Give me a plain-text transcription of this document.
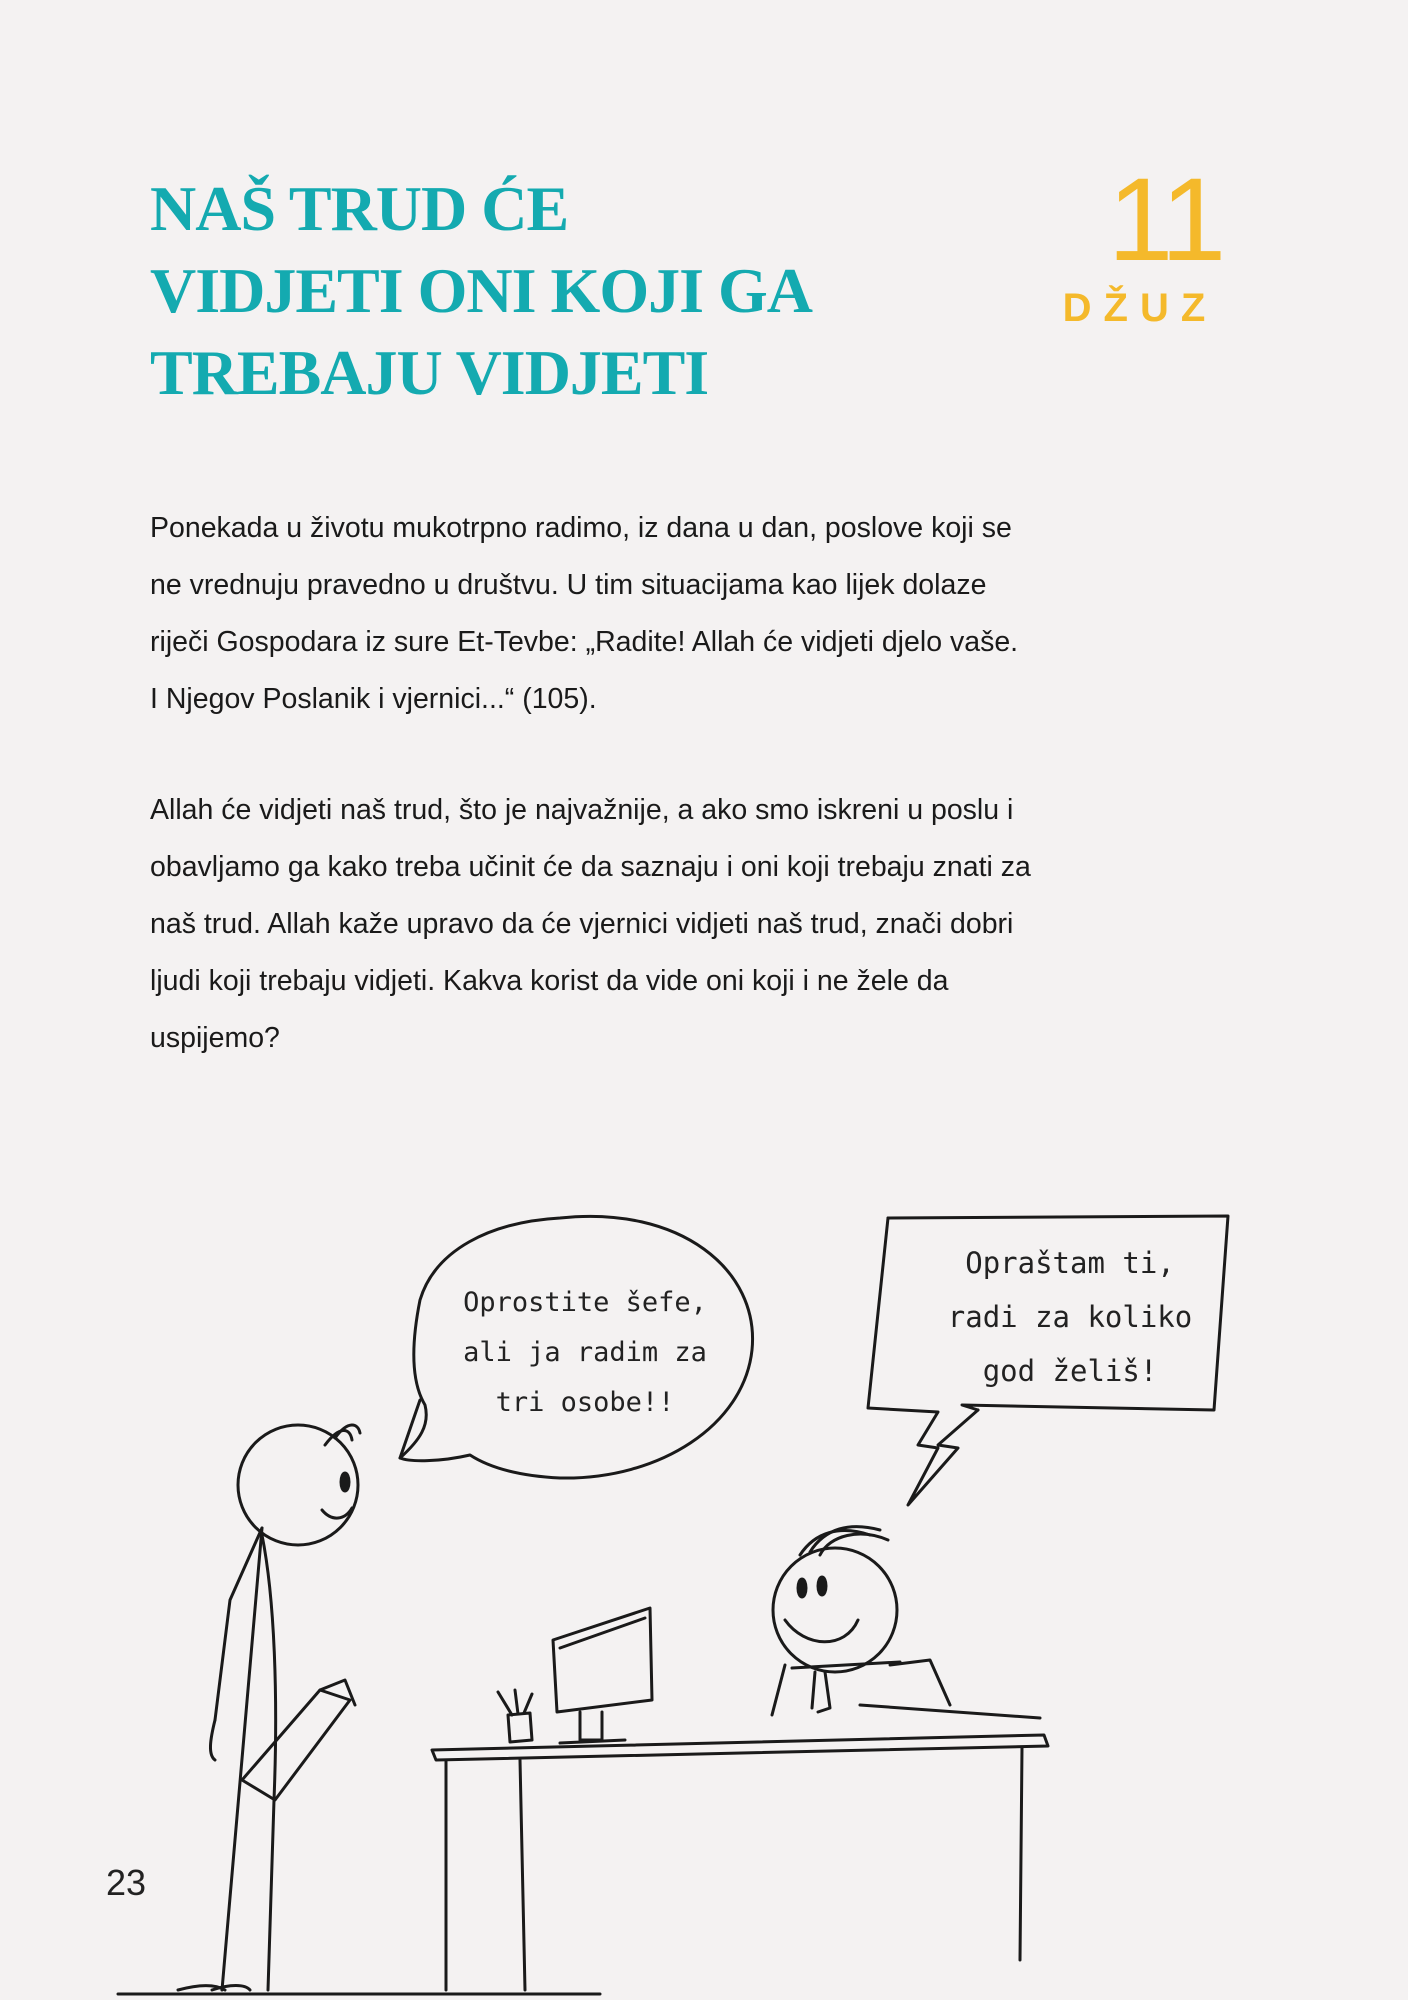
NAŠ TRUD ĆE
VIDJETI ONI KOJI GA
TREBAJU VIDJETI
11
DŽUZ

Ponekada u životu mukotrpno radimo, iz dana u dan, poslove koji se
ne vrednuju pravedno u društvu. U tim situacijama kao lijek dolaze
riječi Gospodara iz sure Et-Tevbe: „Radite! Allah će vidjeti djelo vaše.
I Njegov Poslanik i vjernici...“ (105).

Allah će vidjeti naš trud, što je najvažnije, a ako smo iskreni u poslu i
obavljamo ga kako treba učinit će da saznaju i oni koji trebaju znati za
naš trud. Allah kaže upravo da će vjernici vidjeti naš trud, znači dobri
ljudi koji trebaju vidjeti. Kakva korist da vide oni koji i ne žele da
uspijemo?

Oprostite šefe,
ali ja radim za
tri osobe!!
Opraštam ti,
radi za koliko
god želiš!
23
